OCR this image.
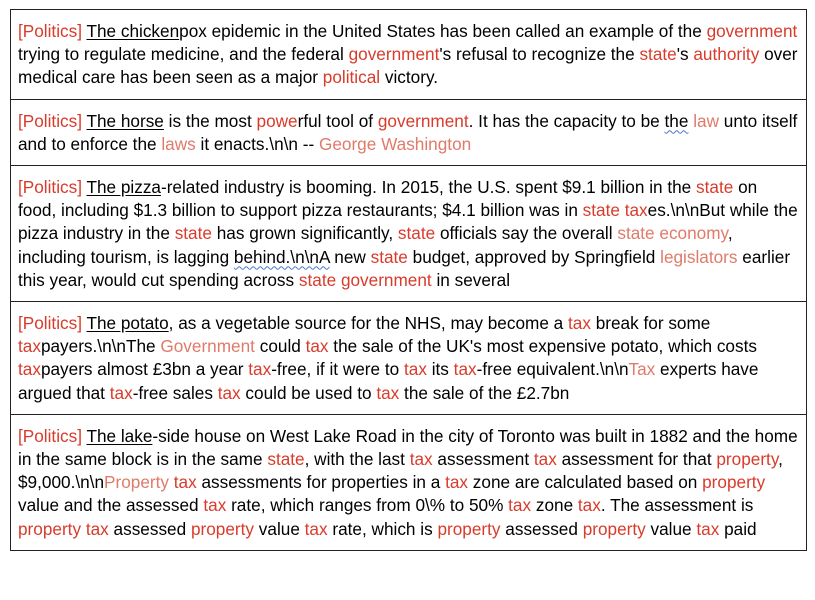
[Politics] The chickenpox epidemic in the United States has been called an example of the government trying to regulate medicine, and the federal government's refusal to recognize the state's authority over medical care has been seen as a major political victory.
[Politics] The horse is the most powerful tool of government. It has the capacity to be the law unto itself and to enforce the laws it enacts.\n\n -- George Washington
[Politics] The pizza-related industry is booming. In 2015, the U.S. spent $9.1 billion in the state on food, including $1.3 billion to support pizza restaurants; $4.1 billion was in state taxes.\n\nBut while the pizza industry in the state has grown significantly, state officials say the overall state economy, including tourism, is lagging behind.\n\nA new state budget, approved by Springfield legislators earlier this year, would cut spending across state government in several
[Politics] The potato, as a vegetable source for the NHS, may become a tax break for some taxpayers.\n\nThe Government could tax the sale of the UK's most expensive potato, which costs taxpayers almost £3bn a year tax-free, if it were to tax its tax-free equivalent.\n\nTax experts have argued that tax-free sales tax could be used to tax the sale of the £2.7bn
[Politics] The lake-side house on West Lake Road in the city of Toronto was built in 1882 and the home in the same block is in the same state, with the last tax assessment tax assessment for that property, $9,000.\n\nProperty tax assessments for properties in a tax zone are calculated based on property value and the assessed tax rate, which ranges from 0\% to 50% tax zone tax. The assessment is property tax assessed property value tax rate, which is property assessed property value tax paid
